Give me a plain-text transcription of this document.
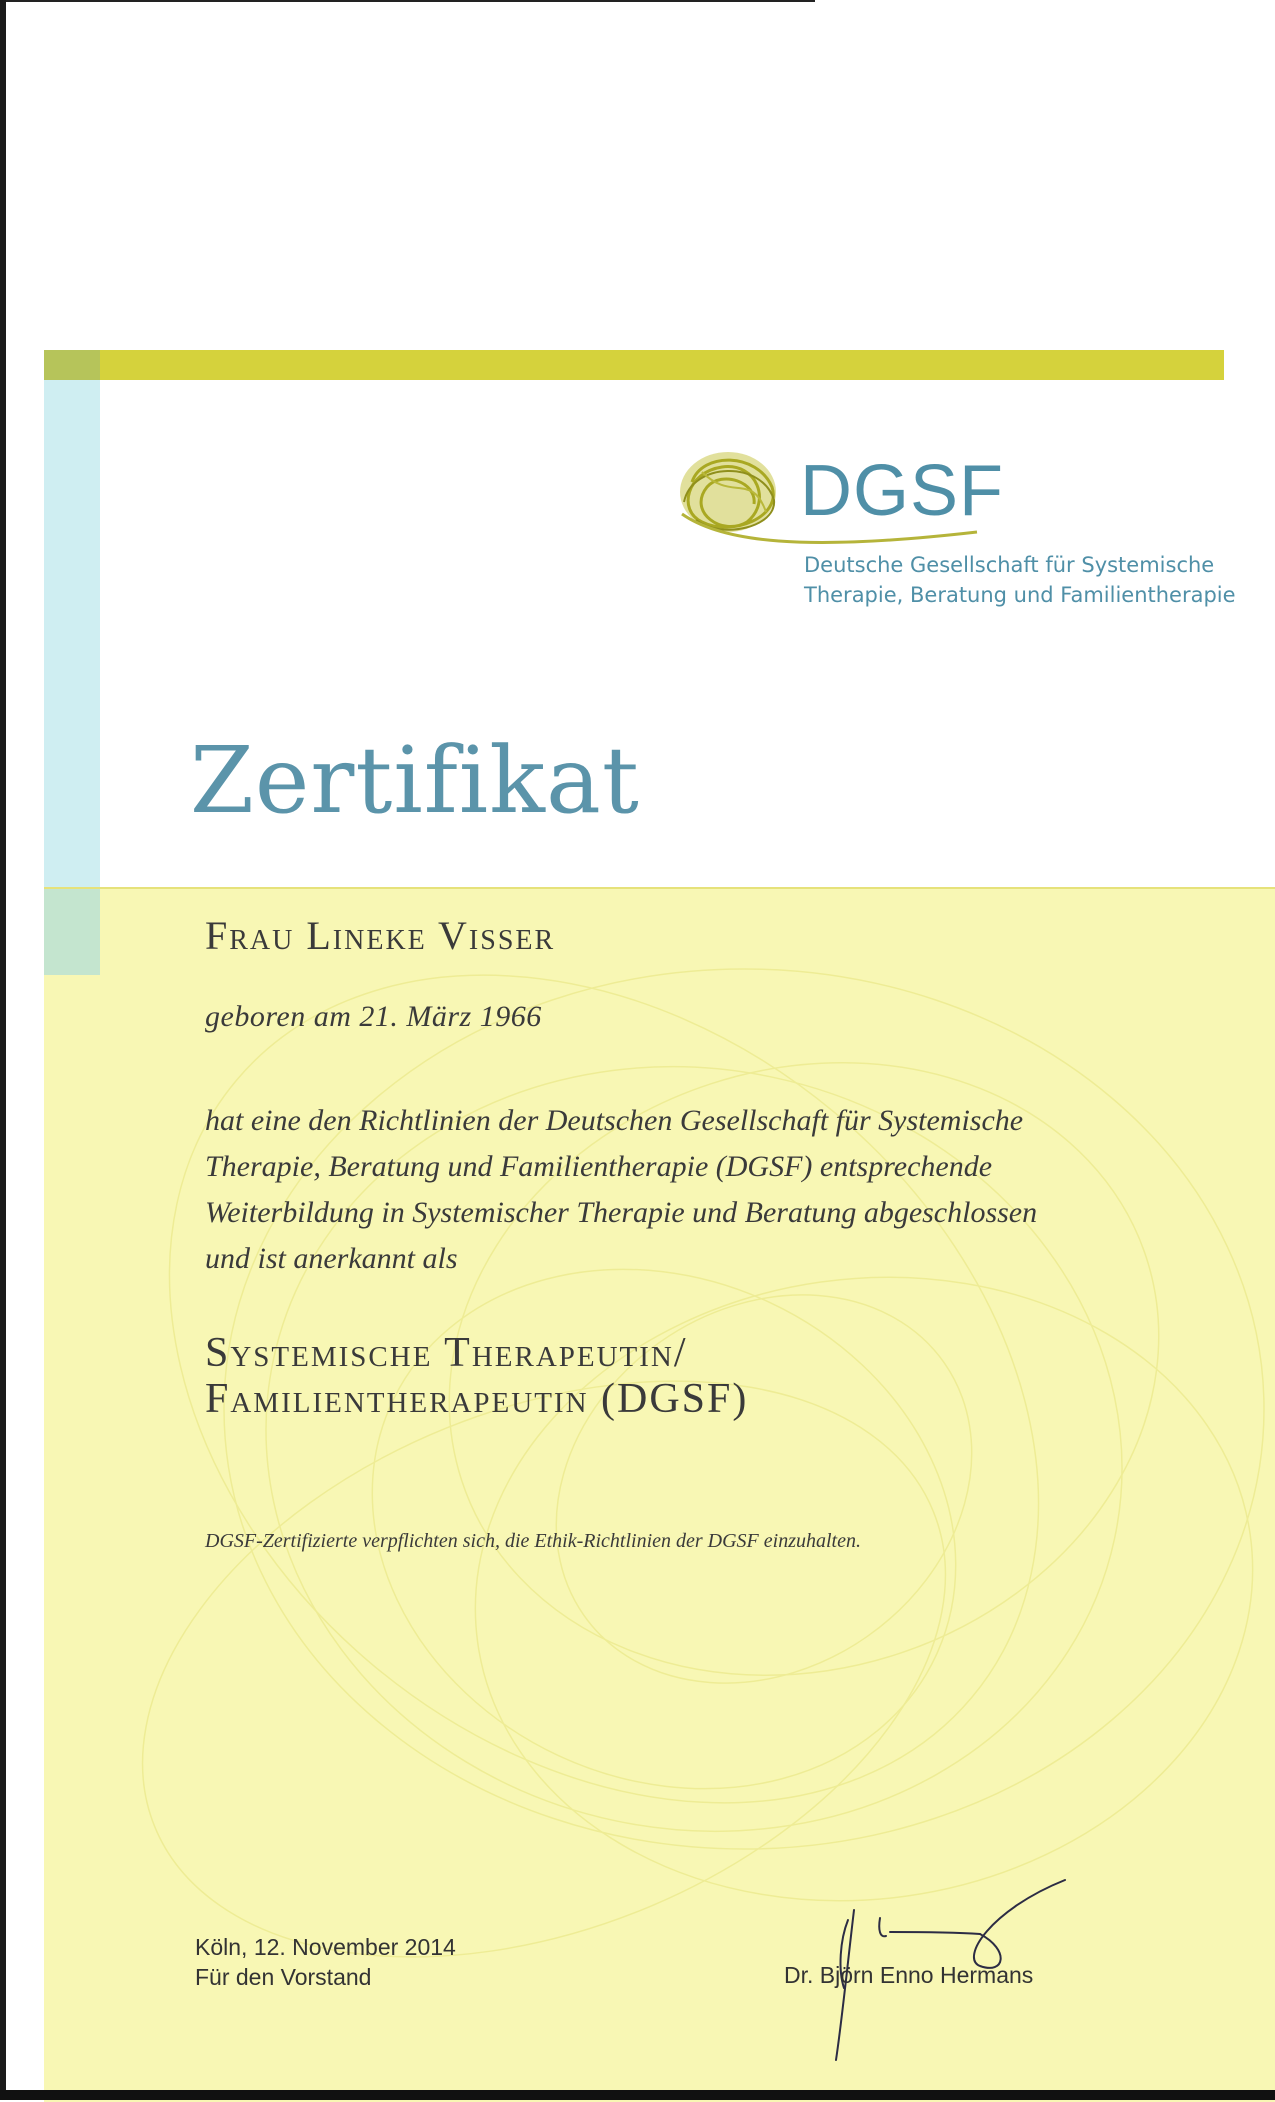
DGSF
Deutsche Gesellschaft für Systemische
Therapie, Beratung und Familientherapie
Zertifikat
Frau Lineke Visser
geboren am 21. März 1966
hat eine den Richtlinien der Deutschen Gesellschaft für Systemische
Therapie, Beratung und Familientherapie (DGSF) entsprechende
Weiterbildung in Systemischer Therapie und Beratung abgeschlossen
und ist anerkannt als
Systemische Therapeutin/
Familientherapeutin (DGSF)
DGSF-Zertifizierte verpflichten sich, die Ethik-Richtlinien der DGSF einzuhalten.
Köln, 12. November 2014
Für den Vorstand	Dr. Björn Enno Hermans
